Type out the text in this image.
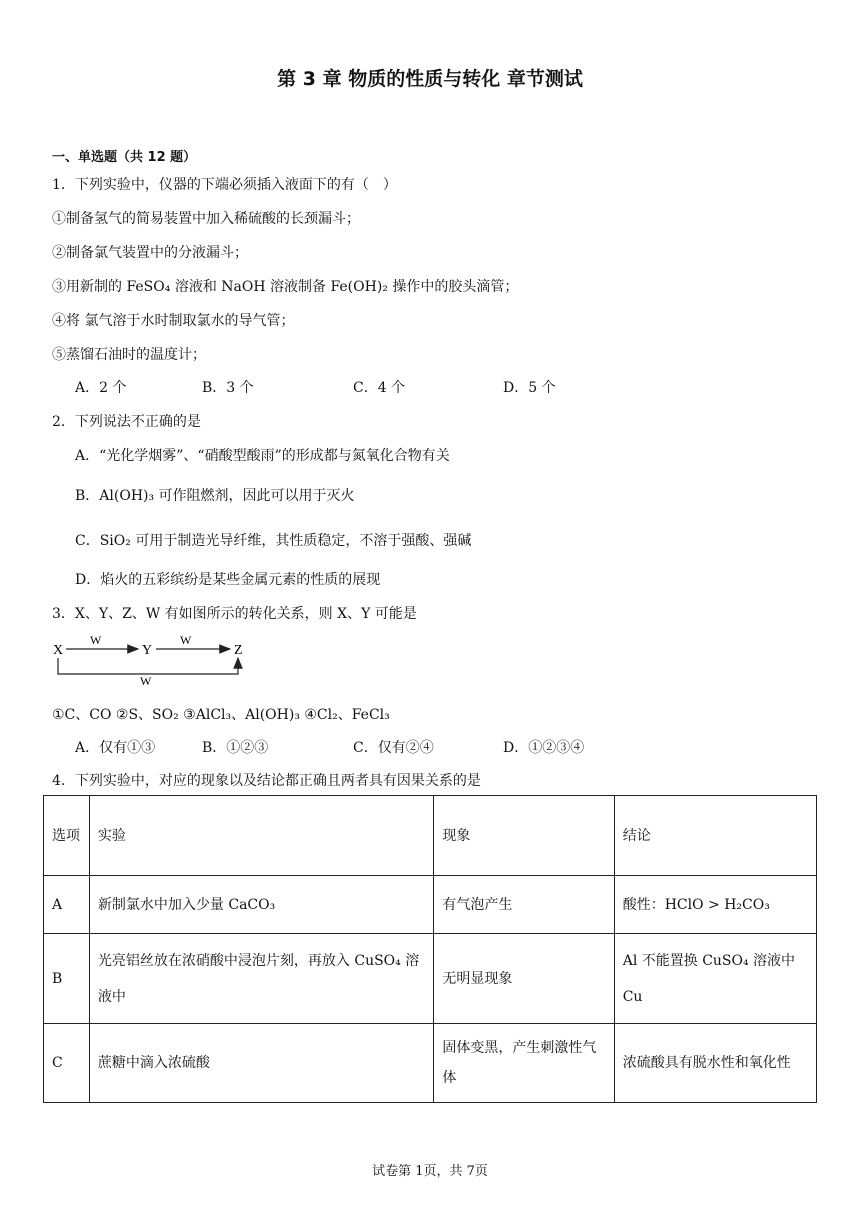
第 3 章 物质的性质与转化 章节测试
一、单选题（共 12 题）
1．下列实验中，仪器的下端必须插入液面下的有（　）
①制备氢气的简易装置中加入稀硫酸的长颈漏斗；
②制备氯气装置中的分液漏斗；
③用新制的 FeSO₄ 溶液和 NaOH 溶液制备 Fe(OH)₂ 操作中的胶头滴管；
④将 氯气溶于水时制取氯水的导气管；
⑤蒸馏石油时的温度计；
A．2 个	B．3 个	C．4 个	D．5 个
2．下列说法不正确的是
A．“光化学烟雾”、“硝酸型酸雨”的形成都与氮氧化合物有关
B．Al(OH)₃ 可作阻燃剂，因此可以用于灭火
C．SiO₂ 可用于制造光导纤维，其性质稳定，不溶于强酸、强碱
D．焰火的五彩缤纷是某些金属元素的性质的展现
3．X、Y、Z、W 有如图所示的转化关系，则 X、Y 可能是
X	Y	Z
W	W
W
①C、CO ②S、SO₂ ③AlCl₃、Al(OH)₃ ④Cl₂、FeCl₃
A．仅有①③	B．①②③	C．仅有②④	D．①②③④
4．下列实验中，对应的现象以及结论都正确且两者具有因果关系的是
选项	实验	现象	结论
A	新制氯水中加入少量 CaCO₃	有气泡产生	酸性：HClO > H₂CO₃
B	光亮铝丝放在浓硝酸中浸泡片刻，再放入 CuSO₄ 溶液中	无明显现象	Al 不能置换 CuSO₄ 溶液中 Cu
C	蔗糖中滴入浓硫酸	固体变黑，产生刺激性气体	浓硫酸具有脱水性和氧化性
试卷第 1页，共 7页
